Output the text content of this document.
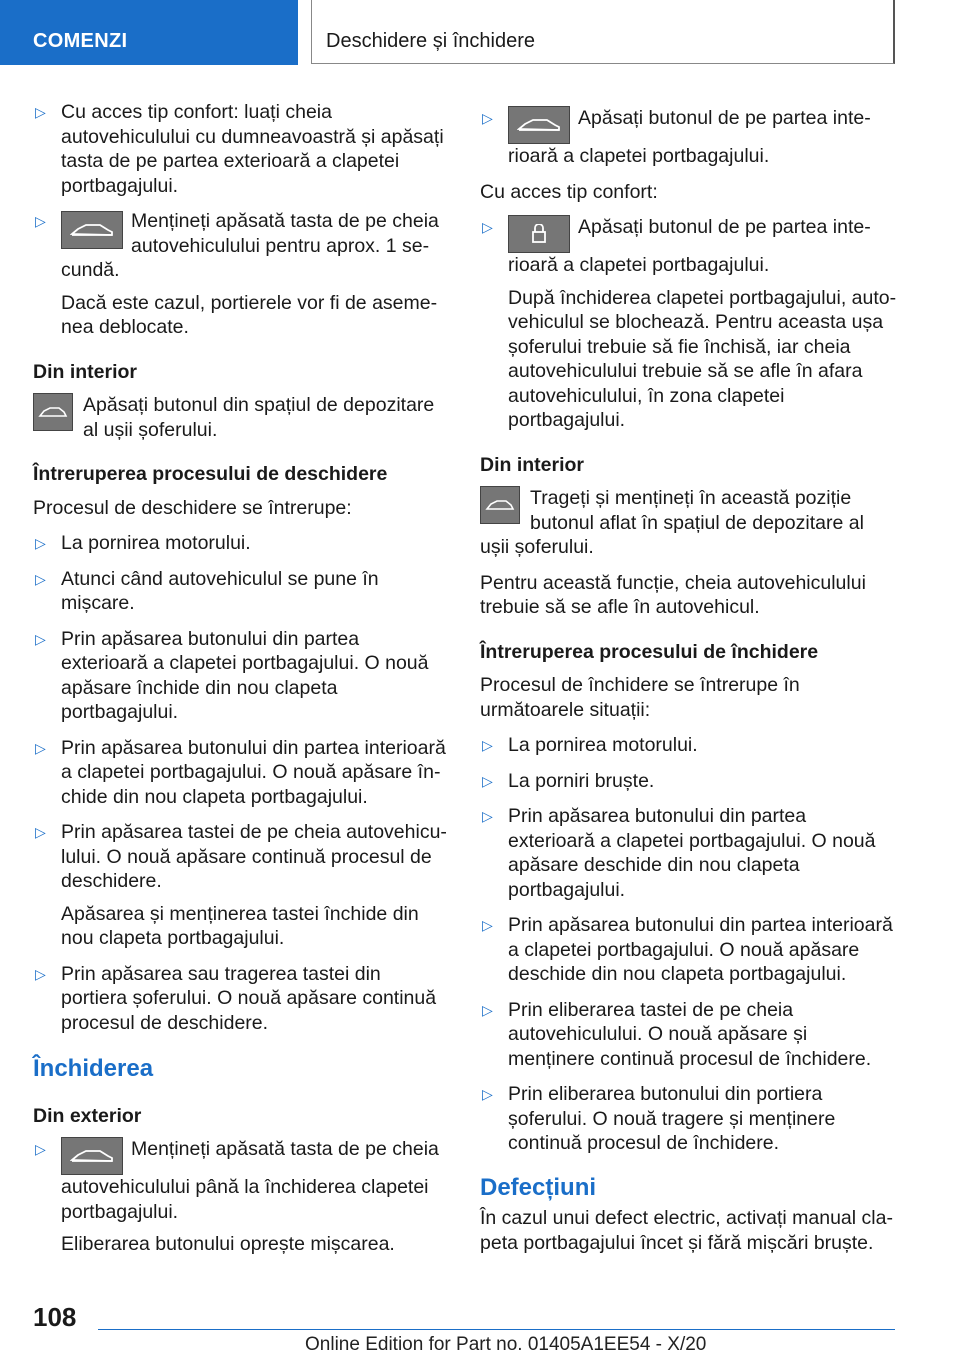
COMENZI	Deschidere și închidere
▷ Cu acces tip confort: luați cheia autovehiculului cu dumneavoastră și apăsați tasta de pe partea exterioară a clapetei portbagajului.
▷	Mențineți apăsată tasta de pe cheia autovehiculului pentru aprox. 1 secundă.
Dacă este cazul, portierele vor fi de asemenea deblocate.
Din interior
Apăsați butonul din spațiul de depozitare al ușii șoferului.
Întreruperea procesului de deschidere

Procesul de deschidere se întrerupe:

▷ La pornirea motorului.
▷ Atunci când autovehiculul se pune în mișcare.
▷ Prin apăsarea butonului din partea exterioară a clapetei portbagajului. O nouă apăsare închide din nou clapeta portbagajului.
▷ Prin apăsarea butonului din partea interioară a clapetei portbagajului. O nouă apăsare închide din nou clapeta portbagajului.
▷ Prin apăsarea tastei de pe cheia autovehiculului. O nouă apăsare continuă procesul de deschidere.
Apăsarea și menținerea tastei închide din nou clapeta portbagajului.
▷ Prin apăsarea sau tragerea tastei din portiera șoferului. O nouă apăsare continuă procesul de deschidere.
Închiderea
Din exterior
▷	Mențineți apăsată tasta de pe cheia autovehiculului până la închiderea clapetei portbagajului.
Eliberarea butonului oprește mișcarea.
▷	Apăsați butonul de pe partea interioară a clapetei portbagajului.

Cu acces tip confort:

▷	Apăsați butonul de pe partea interioară a clapetei portbagajului.
După închiderea clapetei portbagajului, autovehiculul se blochează. Pentru aceasta ușa șoferului trebuie să fie închisă, iar cheia autovehiculului trebuie să se afle în afara autovehiculului, în zona clapetei portbagajului.
Din interior
Trageți și mențineți în această poziție butonul aflat în spațiul de depozitare al ușii șoferului.

Pentru această funcție, cheia autovehiculului trebuie să se afle în autovehicul.

Întreruperea procesului de închidere

Procesul de închidere se întrerupe în următoarele situații:

▷ La pornirea motorului.
▷ La porniri bruște.
▷ Prin apăsarea butonului din partea exterioară a clapetei portbagajului. O nouă apăsare deschide din nou clapeta portbagajului.
▷ Prin apăsarea butonului din partea interioară a clapetei portbagajului. O nouă apăsare deschide din nou clapeta portbagajului.
▷ Prin eliberarea tastei de pe cheia autovehiculului. O nouă apăsare și menținere continuă procesul de închidere.
▷ Prin eliberarea butonului din portiera șoferului. O nouă tragere și menținere continuă procesul de închidere.
Defecțiuni

În cazul unui defect electric, activați manual clapeta portbagajului încet și fără mișcări bruște.

108
Online Edition for Part no. 01405A1EE54 - X/20
